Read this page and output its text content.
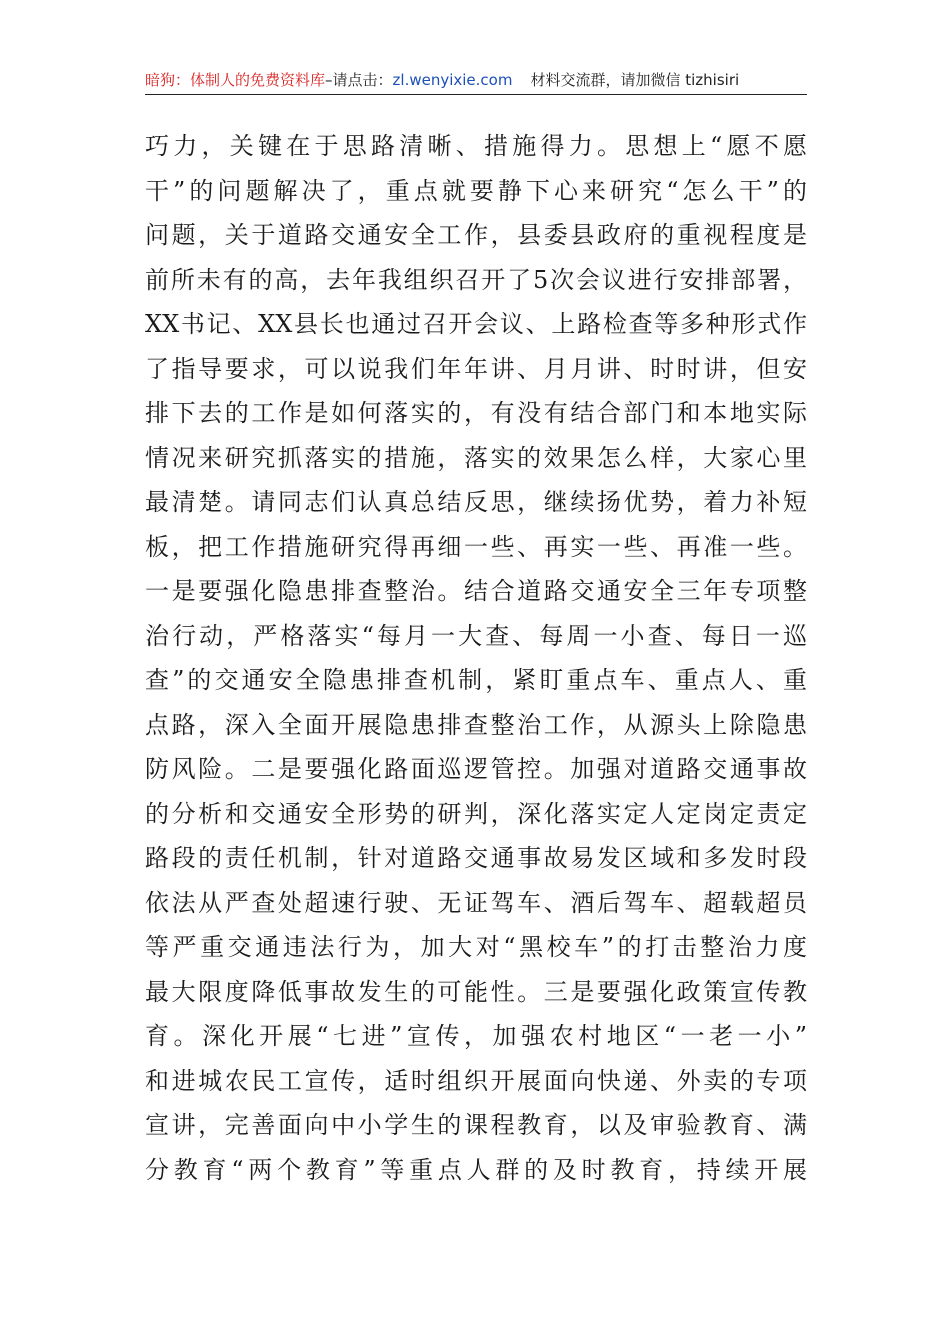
暗狗：体制人的免费资料库–请点击：zl.wenyixie.com 材料交流群，请加微信 tizhisiri
巧力，关键在于思路清晰、措施得力。思想上“愿不愿
干”的问题解决了，重点就要静下心来研究“怎么干”的
问题，关于道路交通安全工作，县委县政府的重视程度是
前所未有的高，去年我组织召开了5次会议进行安排部署，
XX书记、XX县长也通过召开会议、上路检查等多种形式作
了指导要求，可以说我们年年讲、月月讲、时时讲，但安
排下去的工作是如何落实的，有没有结合部门和本地实际
情况来研究抓落实的措施，落实的效果怎么样，大家心里
最清楚。请同志们认真总结反思，继续扬优势，着力补短
板，把工作措施研究得再细一些、再实一些、再准一些。
一是要强化隐患排查整治。结合道路交通安全三年专项整
治行动，严格落实“每月一大查、每周一小查、每日一巡
查”的交通安全隐患排查机制，紧盯重点车、重点人、重
点路，深入全面开展隐患排查整治工作，从源头上除隐患
防风险。二是要强化路面巡逻管控。加强对道路交通事故
的分析和交通安全形势的研判，深化落实定人定岗定责定
路段的责任机制，针对道路交通事故易发区域和多发时段
依法从严查处超速行驶、无证驾车、酒后驾车、超载超员
等严重交通违法行为，加大对“黑校车”的打击整治力度
最大限度降低事故发生的可能性。三是要强化政策宣传教
育。深化开展“七进”宣传，加强农村地区“一老一小”
和进城农民工宣传，适时组织开展面向快递、外卖的专项
宣讲，完善面向中小学生的课程教育，以及审验教育、满
分教育“两个教育”等重点人群的及时教育，持续开展
